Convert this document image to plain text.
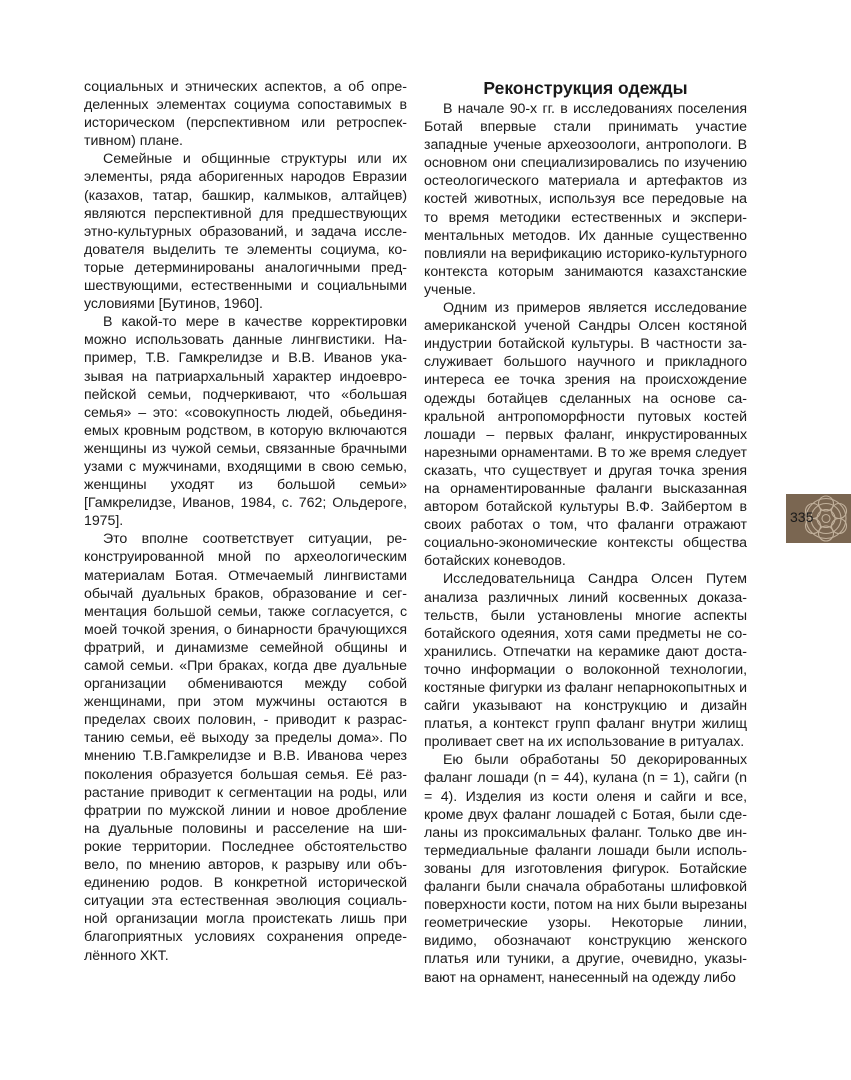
социальных и этнических аспектов, а об определенных элементах социума сопоставимых в историческом (перспективном или ретроспективном) плане.

Семейные и общинные структуры или их элементы, ряда аборигенных народов Евразии (казахов, татар, башкир, калмыков, алтайцев) являются перспективной для предшествующих этно-культурных образований, и задача исследователя выделить те элементы социума, которые детерминированы аналогичными предшествующими, естественными и социальными условиями [Бутинов, 1960].

В какой-то мере в качестве корректировки можно использовать данные лингвистики. Например, Т.В. Гамкрелидзе и В.В. Иванов указывая на патриархальный характер индоевропейской семьи, подчеркивают, что «большая семья» – это: «совокупность людей, обьединяемых кровным родством, в которую включаются женщины из чужой семьи, связанные брачными узами с мужчинами, входящими в свою семью, женщины уходят из большой семьи» [Гамкрелидзе, Иванов, 1984, с. 762; Ольдероге, 1975].

Это вполне соответствует ситуации, реконструированной мной по археологическим материалам Ботая. Отмечаемый лингвистами обычай дуальных браков, образование и сегментация большой семьи, также согласуется, с моей точкой зрения, о бинарности брачующихся фратрий, и динамизме семейной общины и самой семьи. «При браках, когда две дуальные организации обмениваются между собой женщинами, при этом мужчины остаются в пределах своих половин, - приводит к разрастанию семьи, её выходу за пределы дома». По мнению Т.В.Гамкрелидзе и В.В. Иванова через поколения образуется большая семья. Её разрастание приводит к сегментации на роды, или фратрии по мужской линии и новое дробление на дуальные половины и расселение на широкие территории. Последнее обстоятельство вело, по мнению авторов, к разрыву или объединению родов. В конкретной исторической ситуации эта естественная эволюция социальной организации могла проистекать лишь при благоприятных условиях сохранения определённого ХКТ.

Реконструкция одежды

В начале 90-х гг. в исследованиях поселения Ботай впервые стали принимать участие западные ученые археозоологи, антропологи. В основном они специализировались по изучению остеологического материала и артефактов из костей животных, используя все передовые на то время методики естественных и экспериментальных методов. Их данные существенно повлияли на верификацию историко-культурного контекста которым занимаются казахстанские ученые.

Одним из примеров является исследование американской ученой Сандры Олсен костяной индустрии ботайской культуры. В частности заслуживает большого научного и прикладного интереса ее точка зрения на происхождение одежды ботайцев сделанных на основе сакральной антропоморфности путовых костей лошади – первых фаланг, инкрустированных нарезными орнаментами. В то же время следует сказать, что существует и другая точка зрения на орнаментированные фаланги высказанная автором ботайской культуры В.Ф. Зайбертом в своих работах о том, что фаланги отражают социально-экономические контексты общества ботайских коневодов.

Исследовательница Сандра Олсен Путем анализа различных линий косвенных доказательств, были установлены многие аспекты ботайского одеяния, хотя сами предметы не сохранились. Отпечатки на керамике дают достаточно информации о волоконной технологии, костяные фигурки из фаланг непарнокопытных и сайги указывают на конструкцию и дизайн платья, а контекст групп фаланг внутри жилищ проливает свет на их использование в ритуалах.

Ею были обработаны 50 декорированных фаланг лошади (n = 44), кулана (n = 1), сайги (n = 4). Изделия из кости оленя и сайги и все, кроме двух фаланг лошадей с Ботая, были сделаны из проксимальных фаланг. Только две интермедиальные фаланги лошади были использованы для изготовления фигурок. Ботайские фаланги были сначала обработаны шлифовкой поверхности кости, потом на них были вырезаны геометрические узоры. Некоторые линии, видимо, обозначают конструкцию женского платья или туники, а другие, очевидно, указывают на орнамент, нанесенный на одежду либо

335
